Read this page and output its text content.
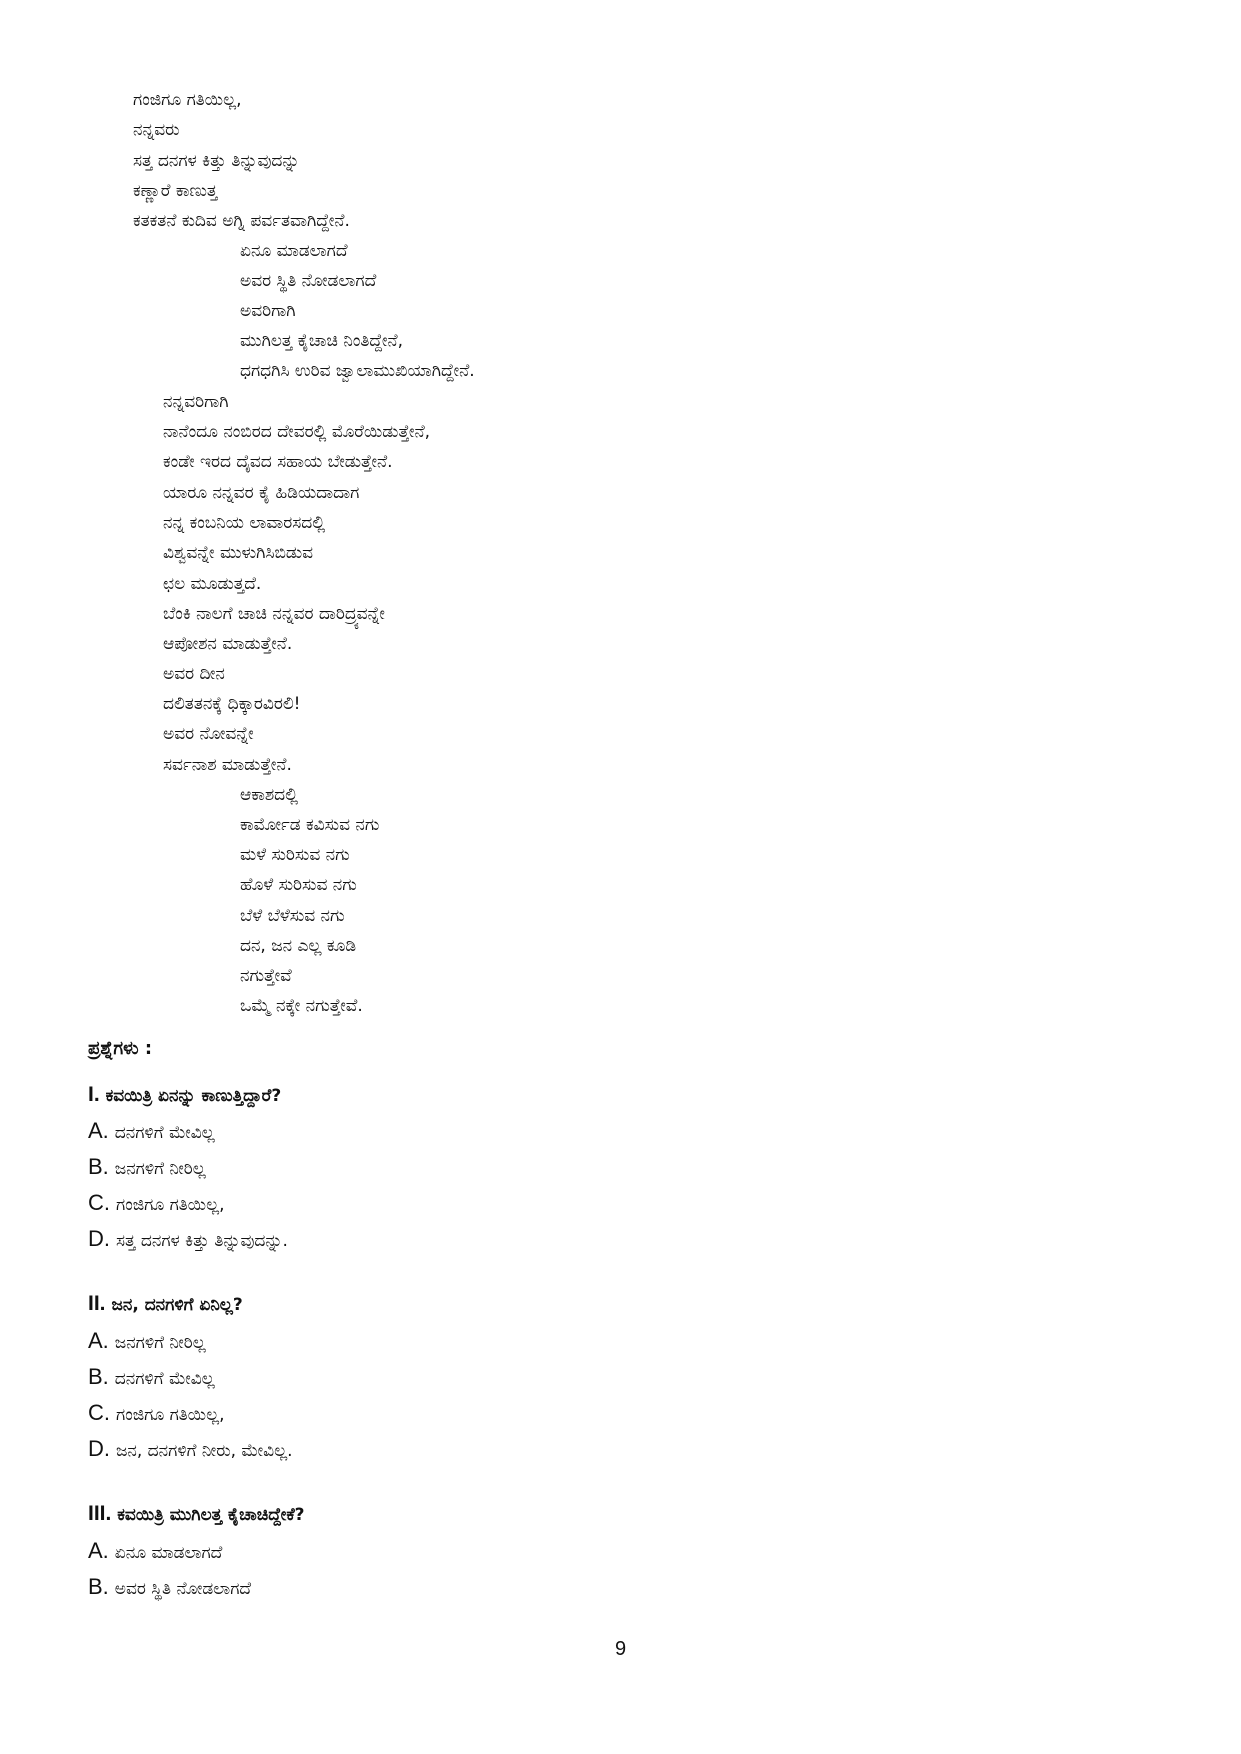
ಗಂಜಿಗೂ ಗತಿಯಿಲ್ಲ,
ನನ್ನವರು
ಸತ್ತ ದನಗಳ ಕಿತ್ತು ತಿನ್ನುವುದನ್ನು
ಕಣ್ಣಾರೆ ಕಾಣುತ್ತ
ಕತಕತನೆ ಕುದಿವ ಅಗ್ನಿ ಪರ್ವತವಾಗಿದ್ದೇನೆ.
ಏನೂ ಮಾಡಲಾಗದೆ
ಅವರ ಸ್ಥಿತಿ ನೋಡಲಾಗದೆ
ಅವರಿಗಾಗಿ
ಮುಗಿಲತ್ತ ಕೈಚಾಚಿ ನಿಂತಿದ್ದೇನೆ,
ಧಗಧಗಿಸಿ ಉರಿವ ಜ್ವಾಲಾಮುಖಿಯಾಗಿದ್ದೇನೆ.
ನನ್ನವರಿಗಾಗಿ
ನಾನೆಂದೂ ನಂಬಿರದ ದೇವರಲ್ಲಿ ಮೊರೆಯಿಡುತ್ತೇನೆ,
ಕಂಡೇ ಇರದ ದೈವದ ಸಹಾಯ ಬೇಡುತ್ತೇನೆ.
ಯಾರೂ ನನ್ನವರ ಕೈ ಹಿಡಿಯದಾದಾಗ
ನನ್ನ ಕಂಬನಿಯ ಲಾವಾರಸದಲ್ಲಿ
ವಿಶ್ವವನ್ನೇ ಮುಳುಗಿಸಿಬಿಡುವ
ಛಲ ಮೂಡುತ್ತದೆ.
ಬೆಂಕಿ ನಾಲಗೆ ಚಾಚಿ ನನ್ನವರ ದಾರಿದ್ರ್ಯವನ್ನೇ
ಆಪೋಶನ ಮಾಡುತ್ತೇನೆ.
ಅವರ ದೀನ
ದಲಿತತನಕ್ಕೆ ಧಿಕ್ಕಾರವಿರಲಿ!
ಅವರ ನೋವನ್ನೇ
ಸರ್ವನಾಶ ಮಾಡುತ್ತೇನೆ.
ಆಕಾಶದಲ್ಲಿ
ಕಾರ್ಮೋಡ ಕವಿಸುವ ನಗು
ಮಳೆ ಸುರಿಸುವ ನಗು
ಹೊಳೆ ಸುರಿಸುವ ನಗು
ಬೆಳೆ ಬೆಳೆಸುವ ನಗು
ದನ, ಜನ ಎಲ್ಲ ಕೂಡಿ
ನಗುತ್ತೇವೆ
ಒಮ್ಮೆ ನಕ್ಕೇ ನಗುತ್ತೇವೆ.
ಪ್ರಶ್ನೆಗಳು :
I. ಕವಯಿತ್ರಿ ಏನನ್ನು ಕಾಣುತ್ತಿದ್ದಾರೆ?
A. ದನಗಳಿಗೆ ಮೇವಿಲ್ಲ
B. ಜನಗಳಿಗೆ ನೀರಿಲ್ಲ
C. ಗಂಜಿಗೂ ಗತಿಯಿಲ್ಲ,
D. ಸತ್ತ ದನಗಳ ಕಿತ್ತು ತಿನ್ನುವುದನ್ನು.
II. ಜನ, ದನಗಳಿಗೆ ಏನಿಲ್ಲ?
A. ಜನಗಳಿಗೆ ನೀರಿಲ್ಲ
B. ದನಗಳಿಗೆ ಮೇವಿಲ್ಲ
C. ಗಂಜಿಗೂ ಗತಿಯಿಲ್ಲ,
D. ಜನ, ದನಗಳಿಗೆ ನೀರು, ಮೇವಿಲ್ಲ.
III. ಕವಯಿತ್ರಿ ಮುಗಿಲತ್ತ ಕೈಚಾಚಿದ್ದೇಕೆ?
A. ಏನೂ ಮಾಡಲಾಗದೆ
B. ಅವರ ಸ್ಥಿತಿ ನೋಡಲಾಗದೆ
9
